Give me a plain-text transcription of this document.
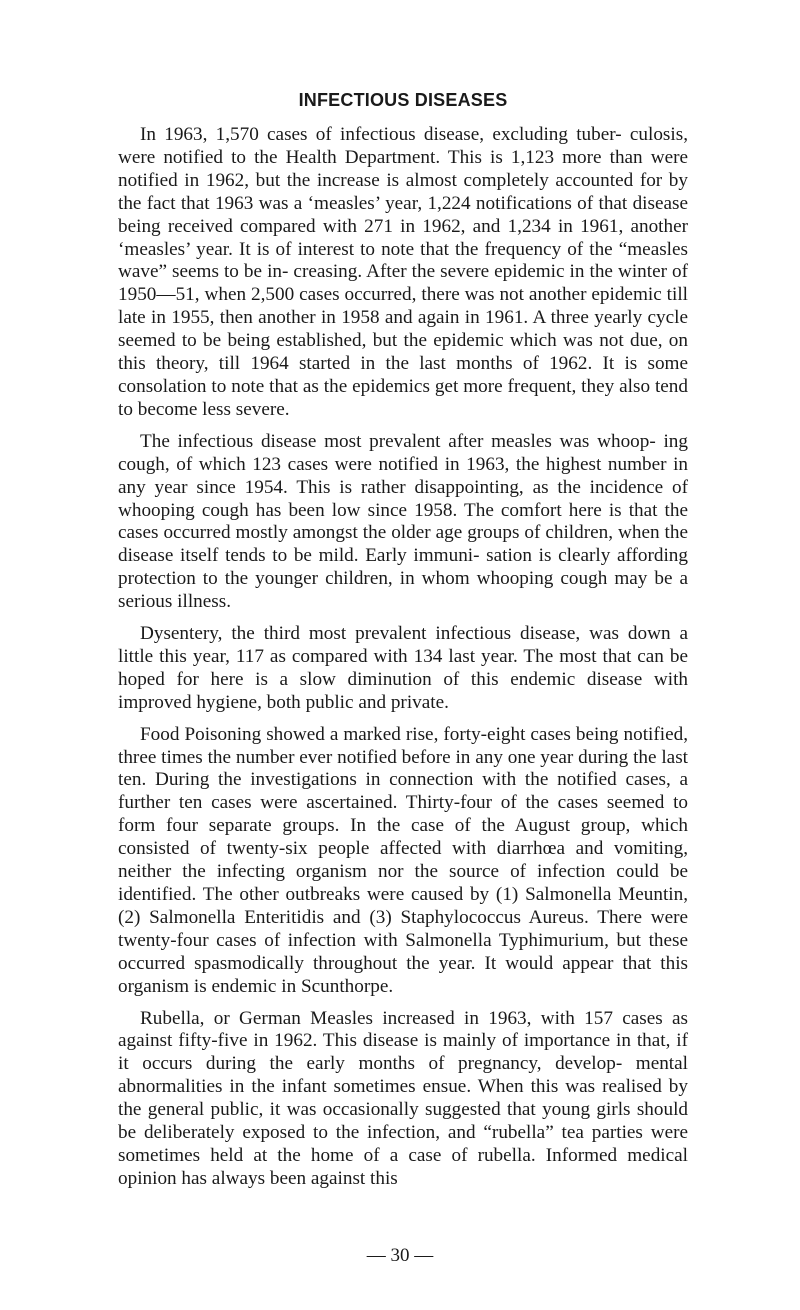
INFECTIOUS DISEASES

In 1963, 1,570 cases of infectious disease, excluding tuber- culosis, were notified to the Health Department. This is 1,123 more than were notified in 1962, but the increase is almost completely accounted for by the fact that 1963 was a ‘measles’ year, 1,224 notifications of that disease being received compared with 271 in 1962, and 1,234 in 1961, another ‘measles’ year. It is of interest to note that the frequency of the “measles wave” seems to be in- creasing. After the severe epidemic in the winter of 1950—51, when 2,500 cases occurred, there was not another epidemic till late in 1955, then another in 1958 and again in 1961. A three yearly cycle seemed to be being established, but the epidemic which was not due, on this theory, till 1964 started in the last months of 1962. It is some consolation to note that as the epidemics get more frequent, they also tend to become less severe.

The infectious disease most prevalent after measles was whoop- ing cough, of which 123 cases were notified in 1963, the highest number in any year since 1954. This is rather disappointing, as the incidence of whooping cough has been low since 1958. The comfort here is that the cases occurred mostly amongst the older age groups of children, when the disease itself tends to be mild. Early immuni- sation is clearly affording protection to the younger children, in whom whooping cough may be a serious illness.

Dysentery, the third most prevalent infectious disease, was down a little this year, 117 as compared with 134 last year. The most that can be hoped for here is a slow diminution of this endemic disease with improved hygiene, both public and private.

Food Poisoning showed a marked rise, forty-eight cases being notified, three times the number ever notified before in any one year during the last ten. During the investigations in connection with the notified cases, a further ten cases were ascertained. Thirty-four of the cases seemed to form four separate groups. In the case of the August group, which consisted of twenty-six people affected with diarrhœa and vomiting, neither the infecting organism nor the source of infection could be identified. The other outbreaks were caused by (1) Salmonella Meuntin, (2) Salmonella Enteritidis and (3) Staphylococcus Aureus. There were twenty-four cases of infection with Salmonella Typhimurium, but these occurred spasmodically throughout the year. It would appear that this organism is endemic in Scunthorpe.

Rubella, or German Measles increased in 1963, with 157 cases as against fifty-five in 1962. This disease is mainly of importance in that, if it occurs during the early months of pregnancy, develop- mental abnormalities in the infant sometimes ensue. When this was realised by the general public, it was occasionally suggested that young girls should be deliberately exposed to the infection, and “rubella” tea parties were sometimes held at the home of a case of rubella. Informed medical opinion has always been against this

— 30 —
